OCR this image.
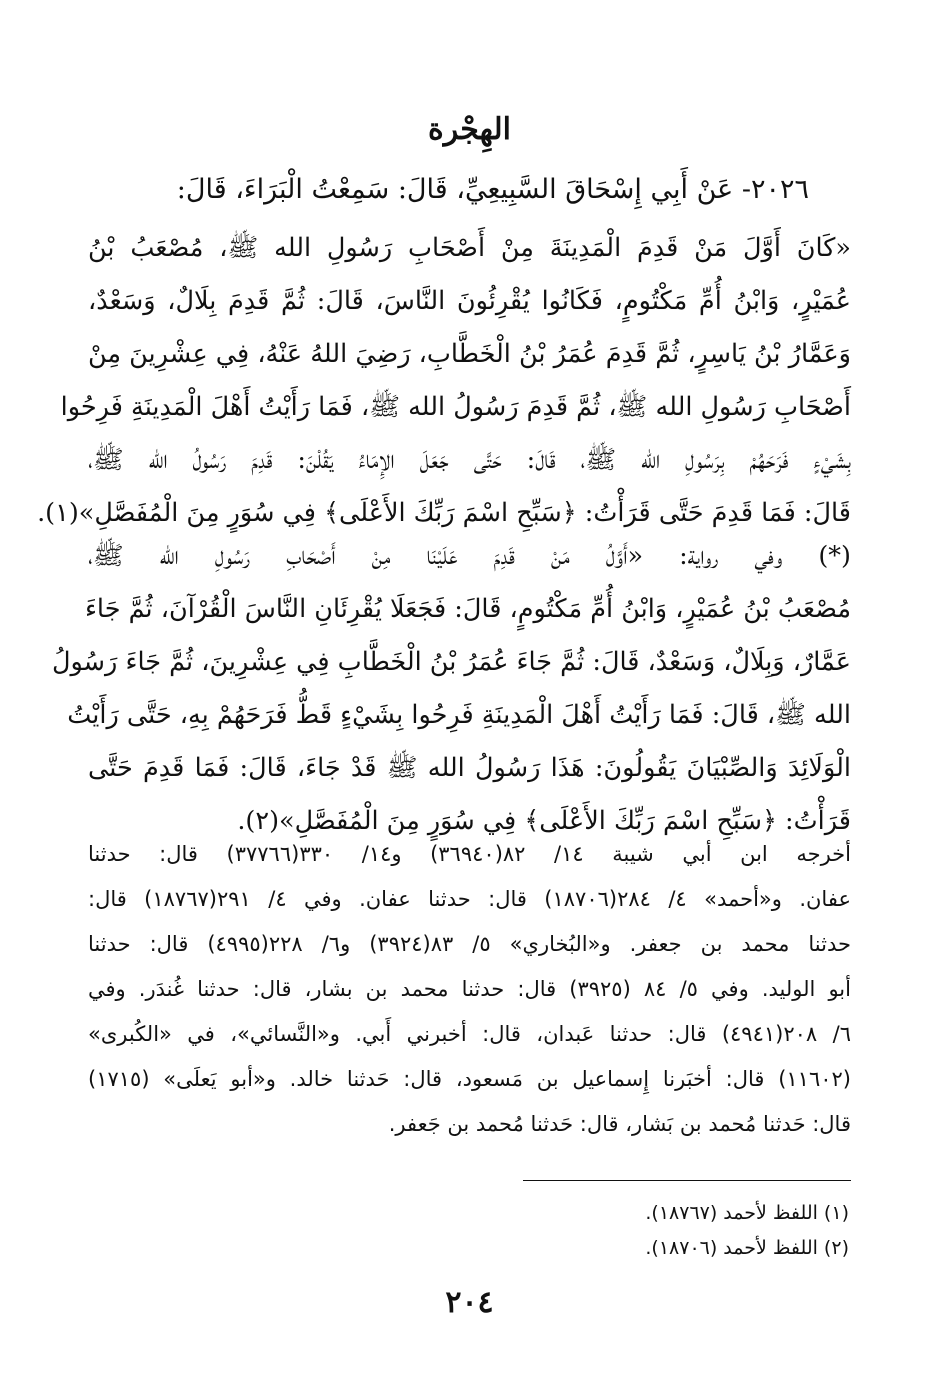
الهِجْرة
٢٠٢٦- عَنْ أَبِي إِسْحَاقَ السَّبِيعِيِّ، قَالَ: سَمِعْتُ الْبَرَاءَ، قَالَ:
«كَانَ أَوَّلَ مَنْ قَدِمَ الْمَدِينَةَ مِنْ أَصْحَابِ رَسُولِ الله ﷺ، مُصْعَبُ بْنُ
عُمَيْرٍ، وَابْنُ أُمِّ مَكْتُومٍ، فَكَانُوا يُقْرِئُونَ النَّاسَ، قَالَ: ثُمَّ قَدِمَ بِلَالٌ، وَسَعْدٌ،
وَعَمَّارُ بْنُ يَاسِرٍ، ثُمَّ قَدِمَ عُمَرُ بْنُ الْخَطَّابِ، رَضِيَ اللهُ عَنْهُ، فِي عِشْرِينَ مِنْ
أَصْحَابِ رَسُولِ الله ﷺ، ثُمَّ قَدِمَ رَسُولُ الله ﷺ، فَمَا رَأَيْتُ أَهْلَ الْمَدِينَةِ فَرِحُوا
بِشَيْءٍ فَرَحَهُمْ بِرَسُولِ الله ﷺ، قَالَ: حَتَّى جَعَلَ الإِمَاءُ يَقُلْنَ: قَدِمَ رَسُولُ الله ﷺ،
قَالَ: فَمَا قَدِمَ حَتَّى قَرَأْتُ: ﴿سَبِّحِ اسْمَ رَبِّكَ الأَعْلَى﴾ فِي سُوَرٍ مِنَ الْمُفَصَّلِ»(١).
(*) وفي رواية: «أَوَّلُ مَنْ قَدِمَ عَلَيْنَا مِنْ أَصْحَابِ رَسُولِ الله ﷺ،
مُصْعَبُ بْنُ عُمَيْرٍ، وَابْنُ أُمِّ مَكْتُومٍ، قَالَ: فَجَعَلَا يُقْرِئَانِ النَّاسَ الْقُرْآنَ، ثُمَّ جَاءَ
عَمَّارٌ، وَبِلَالٌ، وَسَعْدٌ، قَالَ: ثُمَّ جَاءَ عُمَرُ بْنُ الْخَطَّابِ فِي عِشْرِينَ، ثُمَّ جَاءَ رَسُولُ
الله ﷺ، قَالَ: فَمَا رَأَيْتُ أَهْلَ الْمَدِينَةِ فَرِحُوا بِشَيْءٍ قَطُّ فَرَحَهُمْ بِهِ، حَتَّى رَأَيْتُ
الْوَلَائِدَ وَالصِّبْيَانَ يَقُولُونَ: هَذَا رَسُولُ الله ﷺ قَدْ جَاءَ، قَالَ: فَمَا قَدِمَ حَتَّى
قَرَأْتُ: ﴿سَبِّحِ اسْمَ رَبِّكَ الأَعْلَى﴾ فِي سُوَرٍ مِنَ الْمُفَصَّلِ»(٢).
أخرجه ابن أبي شيبة ١٤/ ٨٢(٣٦٩٤٠) و١٤/ ٣٣٠(٣٧٧٦٦) قال: حدثنا
عفان. و«أحمد» ٤/ ٢٨٤(١٨٧٠٦) قال: حدثنا عفان. وفي ٤/ ٢٩١(١٨٧٦٧) قال:
حدثنا محمد بن جعفر. و«البُخاري» ٥/ ٨٣(٣٩٢٤) و٦/ ٢٢٨(٤٩٩٥) قال: حدثنا
أبو الوليد. وفي ٥/ ٨٤ (٣٩٢٥) قال: حدثنا محمد بن بشار، قال: حدثنا غُندَر. وفي
٦/ ٢٠٨(٤٩٤١) قال: حدثنا عَبدان، قال: أخبرني أَبي. و«النَّسائي»، في «الكُبرى»
(١١٦٠٢) قال: أخبَرنا إِسماعيل بن مَسعود، قال: حَدثنا خالد. و«أبو يَعلَى» (١٧١٥)
قال: حَدثنا مُحمد بن بَشار، قال: حَدثنا مُحمد بن جَعفر.
(١) اللفظ لأحمد (١٨٧٦٧).
(٢) اللفظ لأحمد (١٨٧٠٦).
٢٠٤
